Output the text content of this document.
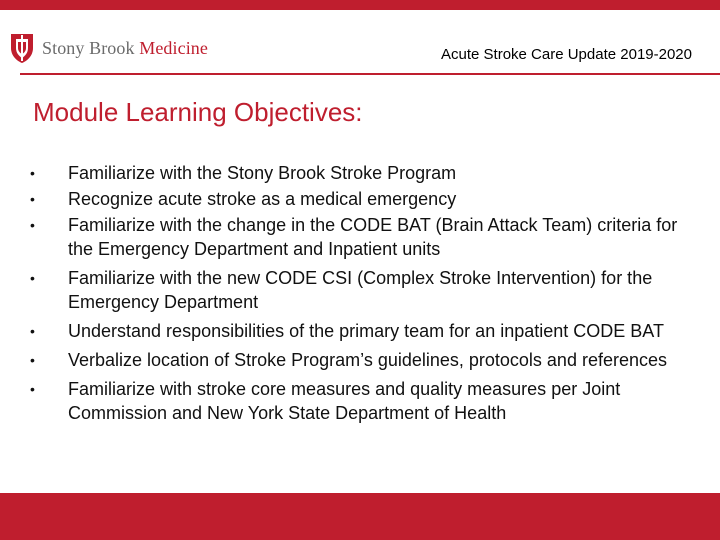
Stony Brook Medicine	Acute Stroke Care Update 2019-2020
Module Learning Objectives:
• Familiarize with the Stony Brook Stroke Program
• Recognize acute stroke as a medical emergency
• Familiarize with the change in the CODE BAT (Brain Attack Team) criteria for the Emergency Department and Inpatient units
• Familiarize with the new CODE CSI (Complex Stroke Intervention) for the Emergency Department
• Understand responsibilities of the primary team for an inpatient CODE BAT
• Verbalize location of Stroke Program’s guidelines, protocols and references
• Familiarize with stroke core measures and quality measures per Joint Commission and New York State Department of Health
